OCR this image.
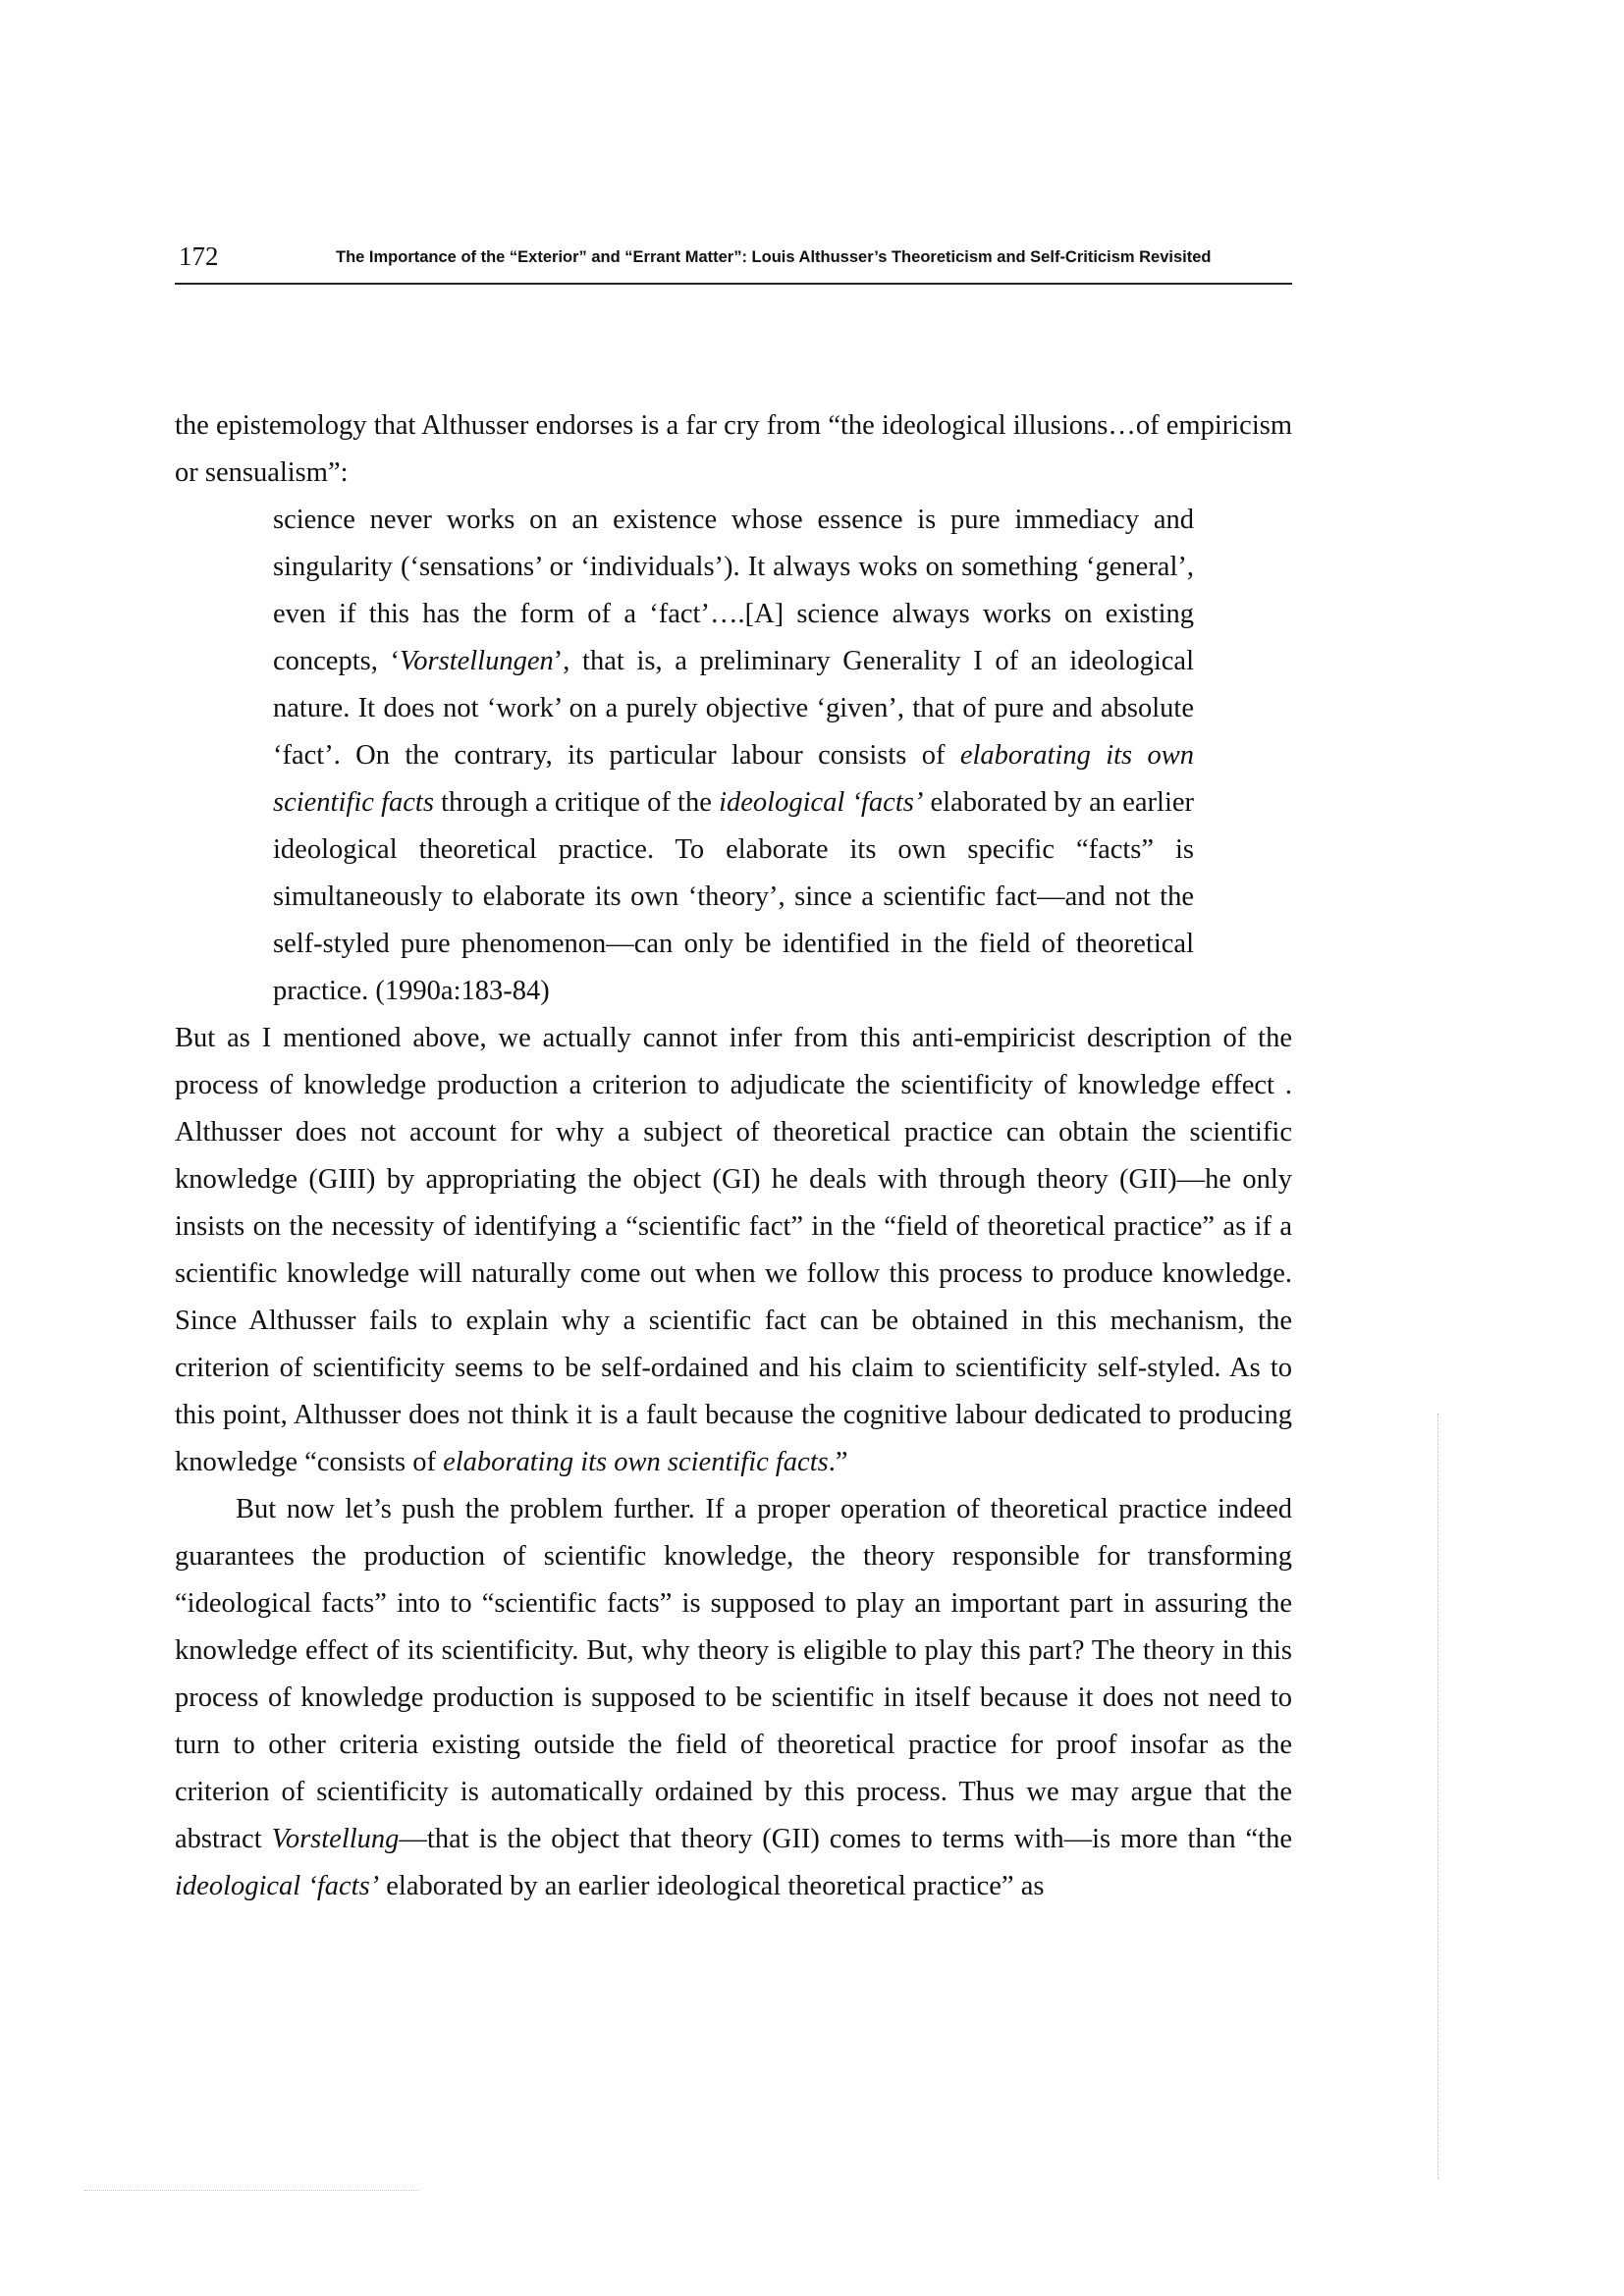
172	The Importance of the “Exterior” and “Errant Matter”: Louis Althusser’s Theoreticism and Self-Criticism Revisited

the epistemology that Althusser endorses is a far cry from “the ideological illusions…of empiricism or sensualism”:

science never works on an existence whose essence is pure immediacy and singularity (‘sensations’ or ‘individuals’). It always woks on something ‘general’, even if this has the form of a ‘fact’….[A] science always works on existing concepts, ‘Vorstellungen’, that is, a preliminary Generality I of an ideological nature. It does not ‘work’ on a purely objective ‘given’, that of pure and absolute ‘fact’. On the contrary, its particular labour consists of elaborating its own scientific facts through a critique of the ideological ‘facts’ elaborated by an earlier ideological theoretical practice. To elaborate its own specific “facts” is simultaneously to elaborate its own ‘theory’, since a scientific fact—and not the self-styled pure phenomenon—can only be identified in the field of theoretical practice. (1990a:183-84)

But as I mentioned above, we actually cannot infer from this anti-empiricist description of the process of knowledge production a criterion to adjudicate the scientificity of knowledge effect . Althusser does not account for why a subject of theoretical practice can obtain the scientific knowledge (GIII) by appropriating the object (GI) he deals with through theory (GII)—he only insists on the necessity of identifying a “scientific fact” in the “field of theoretical practice” as if a scientific knowledge will naturally come out when we follow this process to produce knowledge. Since Althusser fails to explain why a scientific fact can be obtained in this mechanism, the criterion of scientificity seems to be self-ordained and his claim to scientificity self-styled. As to this point, Althusser does not think it is a fault because the cognitive labour dedicated to producing knowledge “consists of elaborating its own scientific facts.”

But now let’s push the problem further. If a proper operation of theoretical practice indeed guarantees the production of scientific knowledge, the theory responsible for transforming “ideological facts” into to “scientific facts” is supposed to play an important part in assuring the knowledge effect of its scientificity. But, why theory is eligible to play this part? The theory in this process of knowledge production is supposed to be scientific in itself because it does not need to turn to other criteria existing outside the field of theoretical practice for proof insofar as the criterion of scientificity is automatically ordained by this process. Thus we may argue that the abstract Vorstellung—that is the object that theory (GII) comes to terms with—is more than “the ideological ‘facts’ elaborated by an earlier ideological theoretical practice” as
